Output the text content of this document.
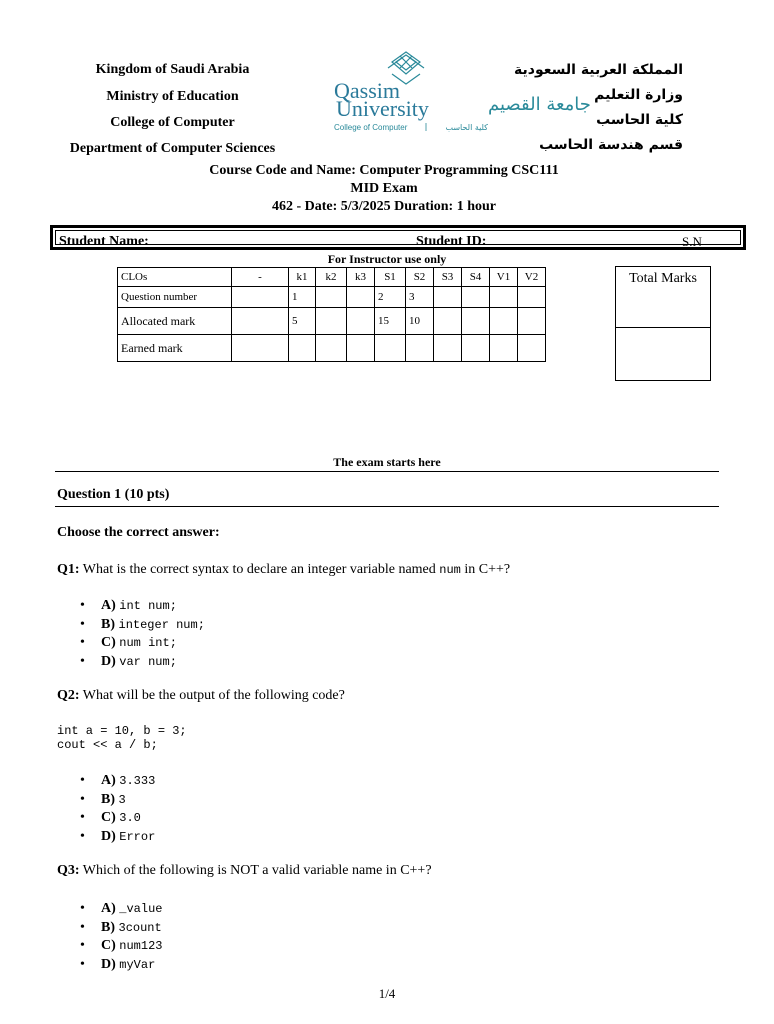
Kingdom of Saudi Arabia
Ministry of Education
College of Computer
Department of Computer Sciences
Qassim
University	جامعة القصيم
College of Computer	كلية الحاسب
المملكة العربية السعودية
وزارة التعليم
كلية الحاسب
قسم هندسة الحاسب
Course Code and Name: Computer Programming CSC111
MID Exam
462 - Date: 5/3/2025 Duration: 1 hour
Student Name:	Student ID:	S.N
For Instructor use only
CLOs	-	k1	k2	k3	S1	S2	S3	S4	V1	V2
Question number		1			2	3				
Allocated mark		5			15	10				
Earned mark										
Total Marks
The exam starts here
Question 1 (10 pts)
Choose the correct answer:
Q1: What is the correct syntax to declare an integer variable named num in C++?
• A) int num;
• B) integer num;
• C) num int;
• D) var num;
Q2: What will be the output of the following code?
int a = 10, b = 3;
cout << a / b;
• A) 3.333
• B) 3
• C) 3.0
• D) Error
Q3: Which of the following is NOT a valid variable name in C++?
• A) _value
• B) 3count
• C) num123
• D) myVar
1/4
